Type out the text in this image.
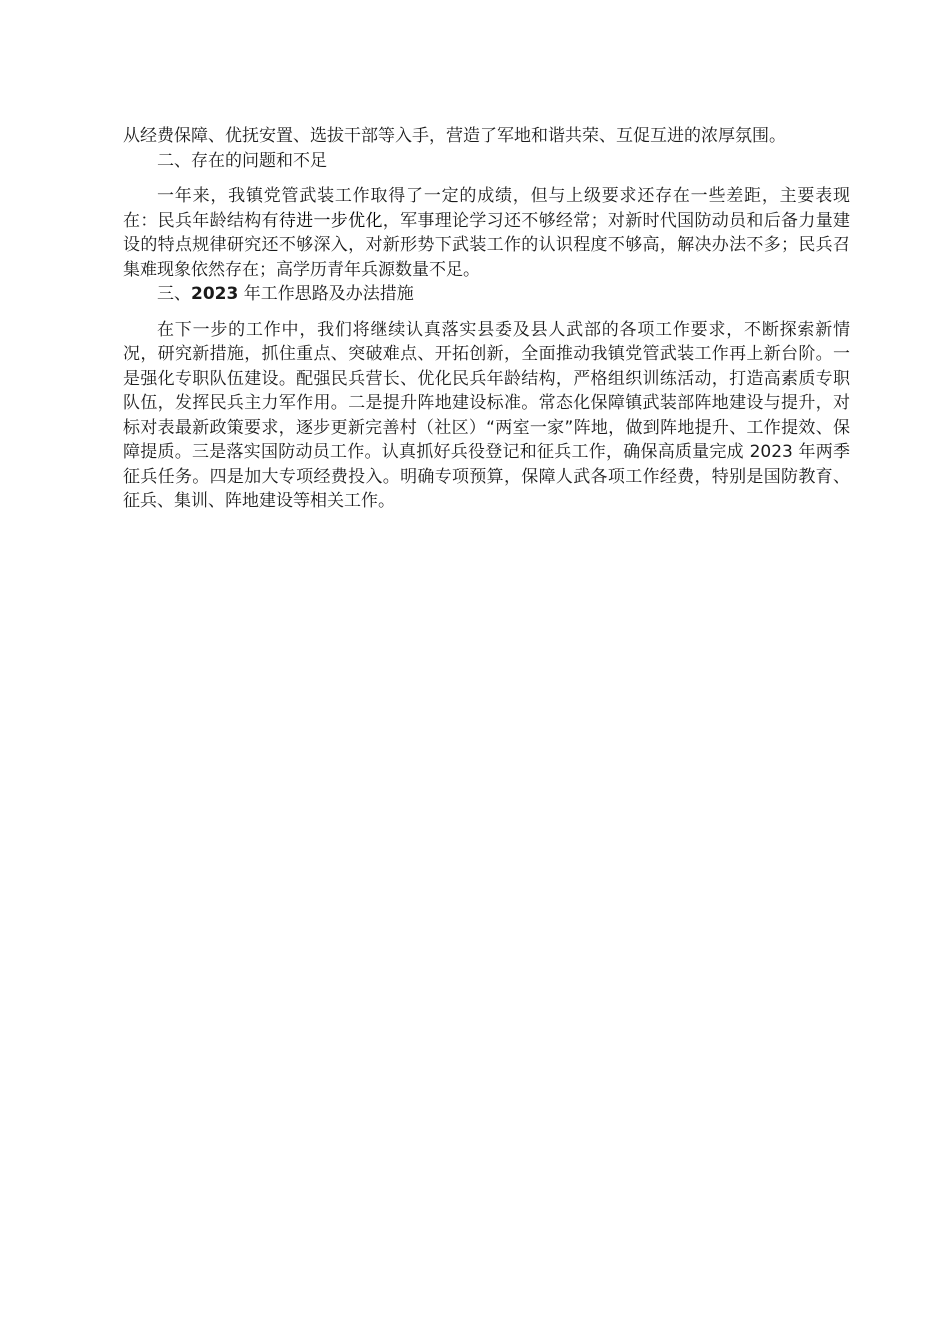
从经费保障、优抚安置、选拔干部等入手，营造了军地和谐共荣、互促互进的浓厚氛围。

二、存在的问题和不足

一年来，我镇党管武装工作取得了一定的成绩，但与上级要求还存在一些差距，主要表现在：民兵年龄结构有待进一步优化，军事理论学习还不够经常；对新时代国防动员和后备力量建设的特点规律研究还不够深入，对新形势下武装工作的认识程度不够高，解决办法不多；民兵召集难现象依然存在；高学历青年兵源数量不足。

三、2023 年工作思路及办法措施

在下一步的工作中，我们将继续认真落实县委及县人武部的各项工作要求，不断探索新情况，研究新措施，抓住重点、突破难点、开拓创新，全面推动我镇党管武装工作再上新台阶。一是强化专职队伍建设。配强民兵营长、优化民兵年龄结构，严格组织训练活动，打造高素质专职队伍，发挥民兵主力军作用。二是提升阵地建设标准。常态化保障镇武装部阵地建设与提升，对标对表最新政策要求，逐步更新完善村（社区）“两室一家”阵地，做到阵地提升、工作提效、保障提质。三是落实国防动员工作。认真抓好兵役登记和征兵工作，确保高质量完成 2023 年两季征兵任务。四是加大专项经费投入。明确专项预算，保障人武各项工作经费，特别是国防教育、征兵、集训、阵地建设等相关工作。
